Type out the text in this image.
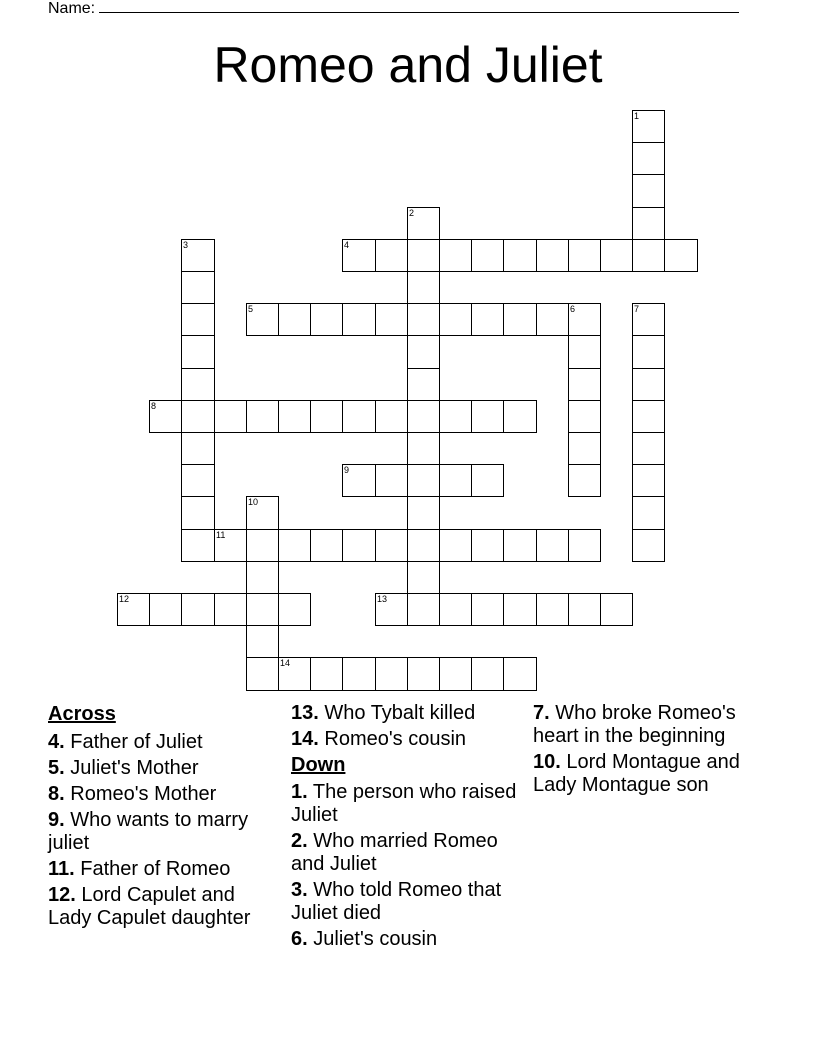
Name:
Romeo and Juliet
1
2
3	4
5	6	7
8
9
10
11
12	13
14
Across
4. Father of Juliet
5. Juliet's Mother
8. Romeo's Mother
9. Who wants to marry juliet
11. Father of Romeo
12. Lord Capulet and Lady Capulet daughter
13. Who Tybalt killed
14. Romeo's cousin
Down
1. The person who raised Juliet
2. Who married Romeo and Juliet
3. Who told Romeo that Juliet died
6. Juliet's cousin
7. Who broke Romeo's heart in the beginning
10. Lord Montague and Lady Montague son
